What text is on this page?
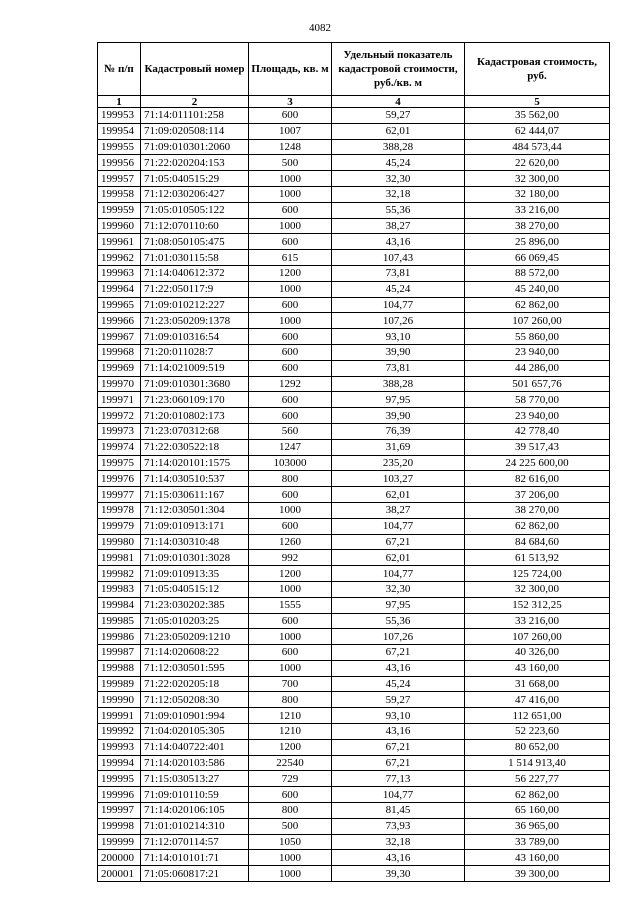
4082
№ п/п	Кадастровый номер	Площадь, кв. м	Удельный показатель кадастровой стоимости, руб./кв. м	Кадастровая стоимость, руб.
1	2	3	4	5
199953	71:14:011101:258	600	59,27	35 562,00
199954	71:09:020508:114	1007	62,01	62 444,07
199955	71:09:010301:2060	1248	388,28	484 573,44
199956	71:22:020204:153	500	45,24	22 620,00
199957	71:05:040515:29	1000	32,30	32 300,00
199958	71:12:030206:427	1000	32,18	32 180,00
199959	71:05:010505:122	600	55,36	33 216,00
199960	71:12:070110:60	1000	38,27	38 270,00
199961	71:08:050105:475	600	43,16	25 896,00
199962	71:01:030115:58	615	107,43	66 069,45
199963	71:14:040612:372	1200	73,81	88 572,00
199964	71:22:050117:9	1000	45,24	45 240,00
199965	71:09:010212:227	600	104,77	62 862,00
199966	71:23:050209:1378	1000	107,26	107 260,00
199967	71:09:010316:54	600	93,10	55 860,00
199968	71:20:011028:7	600	39,90	23 940,00
199969	71:14:021009:519	600	73,81	44 286,00
199970	71:09:010301:3680	1292	388,28	501 657,76
199971	71:23:060109:170	600	97,95	58 770,00
199972	71:20:010802:173	600	39,90	23 940,00
199973	71:23:070312:68	560	76,39	42 778,40
199974	71:22:030522:18	1247	31,69	39 517,43
199975	71:14:020101:1575	103000	235,20	24 225 600,00
199976	71:14:030510:537	800	103,27	82 616,00
199977	71:15:030611:167	600	62,01	37 206,00
199978	71:12:030501:304	1000	38,27	38 270,00
199979	71:09:010913:171	600	104,77	62 862,00
199980	71:14:030310:48	1260	67,21	84 684,60
199981	71:09:010301:3028	992	62,01	61 513,92
199982	71:09:010913:35	1200	104,77	125 724,00
199983	71:05:040515:12	1000	32,30	32 300,00
199984	71:23:030202:385	1555	97,95	152 312,25
199985	71:05:010203:25	600	55,36	33 216,00
199986	71:23:050209:1210	1000	107,26	107 260,00
199987	71:14:020608:22	600	67,21	40 326,00
199988	71:12:030501:595	1000	43,16	43 160,00
199989	71:22:020205:18	700	45,24	31 668,00
199990	71:12:050208:30	800	59,27	47 416,00
199991	71:09:010901:994	1210	93,10	112 651,00
199992	71:04:020105:305	1210	43,16	52 223,60
199993	71:14:040722:401	1200	67,21	80 652,00
199994	71:14:020103:586	22540	67,21	1 514 913,40
199995	71:15:030513:27	729	77,13	56 227,77
199996	71:09:010110:59	600	104,77	62 862,00
199997	71:14:020106:105	800	81,45	65 160,00
199998	71:01:010214:310	500	73,93	36 965,00
199999	71:12:070114:57	1050	32,18	33 789,00
200000	71:14:010101:71	1000	43,16	43 160,00
200001	71:05:060817:21	1000	39,30	39 300,00
